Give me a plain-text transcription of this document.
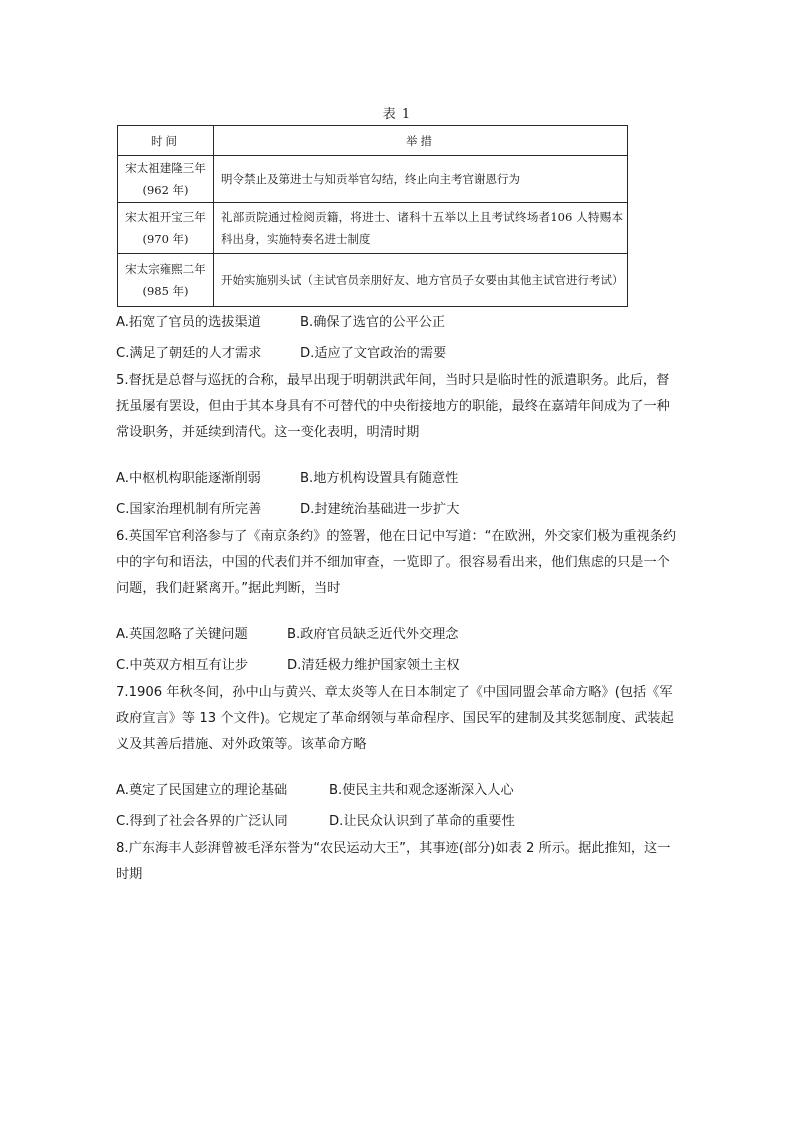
表 1
时间	举措

宋太祖建隆三年
(962 年)	明令禁止及第进士与知贡举官勾结，终止向主考官谢恩行为

宋太祖开宝三年
(970 年)	礼部贡院通过检阅贡籍，将进士、诸科十五举以上且考试终场者106 人特赐本科出身，实施特奏名进士制度

宋太宗雍熙二年
(985 年)	开始实施别头试（主试官员亲朋好友、地方官员子女要由其他主试官进行考试）
A.拓宽了官员的选拔渠道	B.确保了选官的公平公正
C.满足了朝廷的人才需求	D.适应了文官政治的需要
5.督抚是总督与巡抚的合称，最早出现于明朝洪武年间，当时只是临时性的派遣职务。此后，督抚虽屡有罢设，但由于其本身具有不可替代的中央衔接地方的职能，最终在嘉靖年间成为了一种常设职务，并延续到清代。这一变化表明，明清时期
A.中枢机构职能逐渐削弱	B.地方机构设置具有随意性
C.国家治理机制有所完善	D.封建统治基础进一步扩大
6.英国军官利洛参与了《南京条约》的签署，他在日记中写道：“在欧洲，外交家们极为重视条约中的字句和语法，中国的代表们并不细加审查，一览即了。很容易看出来，他们焦虑的只是一个问题，我们赶紧离开。”据此判断，当时
A.英国忽略了关键问题	B.政府官员缺乏近代外交理念
C.中英双方相互有让步	D.清廷极力维护国家领土主权
7.1906 年秋冬间，孙中山与黄兴、章太炎等人在日本制定了《中国同盟会革命方略》(包括《军政府宣言》等 13 个文件)。它规定了革命纲领与革命程序、国民军的建制及其奖惩制度、武装起义及其善后措施、对外政策等。该革命方略
A.奠定了民国建立的理论基础	B.使民主共和观念逐渐深入人心
C.得到了社会各界的广泛认同	D.让民众认识到了革命的重要性
8.广东海丰人彭湃曾被毛泽东誉为“农民运动大王”，其事迹(部分)如表 2 所示。据此推知，这一时期
